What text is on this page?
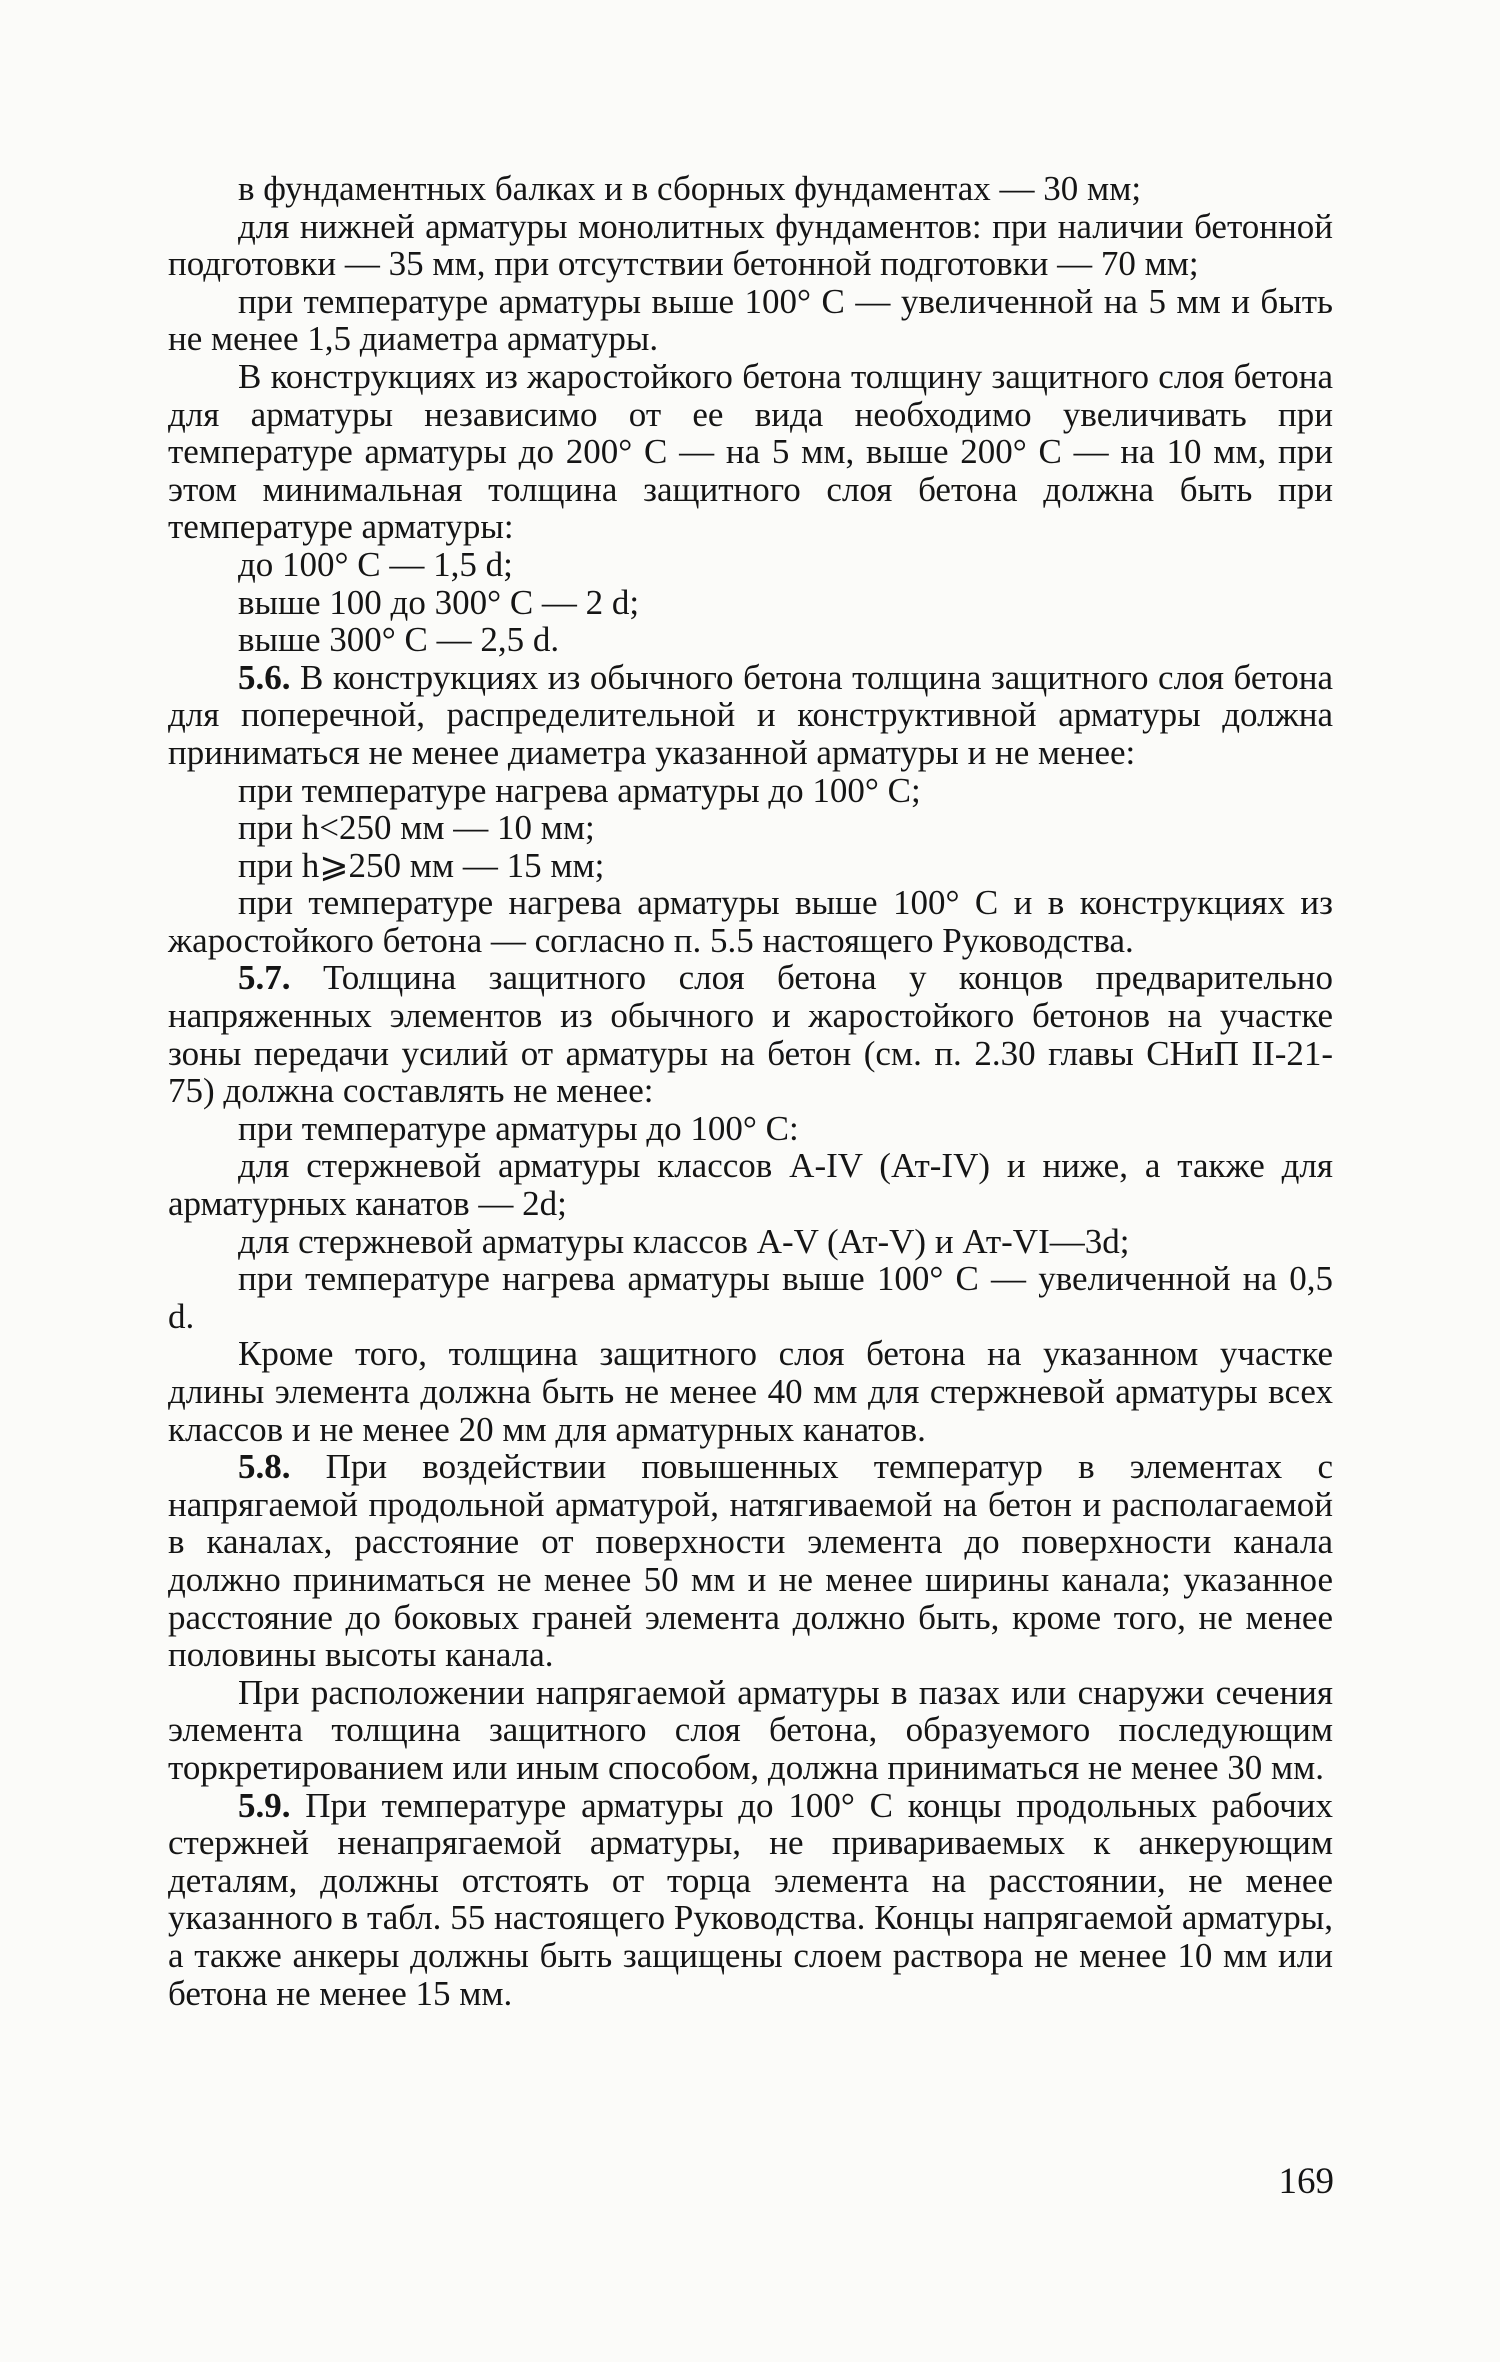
в фундаментных балках и в сборных фундаментах — 30 мм;

для нижней арматуры монолитных фундаментов: при наличии бетонной подготовки — 35 мм, при отсутствии бетонной подготовки — 70 мм;

при температуре арматуры выше 100° С — увеличенной на 5 мм и быть не менее 1,5 диаметра арматуры.

В конструкциях из жаростойкого бетона толщину защитного слоя бетона для арматуры независимо от ее вида необходимо увеличивать при температуре арматуры до 200° С — на 5 мм, выше 200° С — на 10 мм, при этом минимальная толщина защитного слоя бетона должна быть при температуре арматуры:

до 100° С — 1,5 d;

выше 100 до 300° С — 2 d;

выше 300° С — 2,5 d.

5.6. В конструкциях из обычного бетона толщина защитного слоя бетона для поперечной, распределительной и конструктивной арматуры должна приниматься не менее диаметра указанной арматуры и не менее:

при температуре нагрева арматуры до 100° С;

при h<250 мм — 10 мм;

при h⩾250 мм — 15 мм;

при температуре нагрева арматуры выше 100° С и в конструкциях из жаростойкого бетона — согласно п. 5.5 настоящего Руководства.

5.7. Толщина защитного слоя бетона у концов предварительно напряженных элементов из обычного и жаростойкого бетонов на участке зоны передачи усилий от арматуры на бетон (см. п. 2.30 главы СНиП II-21-75) должна составлять не менее:

при температуре арматуры до 100° С:

для стержневой арматуры классов A-IV (Ат-IV) и ниже, а также для арматурных канатов — 2d;

для стержневой арматуры классов A-V (Ат-V) и Ат-VI—3d;

при температуре нагрева арматуры выше 100° С — увеличенной на 0,5 d.

Кроме того, толщина защитного слоя бетона на указанном участке длины элемента должна быть не менее 40 мм для стержневой арматуры всех классов и не менее 20 мм для арматурных канатов.

5.8. При воздействии повышенных температур в элементах с напрягаемой продольной арматурой, натягиваемой на бетон и располагаемой в каналах, расстояние от поверхности элемента до поверхности канала должно приниматься не менее 50 мм и не менее ширины канала; указанное расстояние до боковых граней элемента должно быть, кроме того, не менее половины высоты канала.

При расположении напрягаемой арматуры в пазах или снаружи сечения элемента толщина защитного слоя бетона, образуемого последующим торкретированием или иным способом, должна приниматься не менее 30 мм.

5.9. При температуре арматуры до 100° С концы продольных рабочих стержней ненапрягаемой арматуры, не привариваемых к анкерующим деталям, должны отстоять от торца элемента на расстоянии, не менее указанного в табл. 55 настоящего Руководства. Концы напрягаемой арматуры, а также анкеры должны быть защищены слоем раствора не менее 10 мм или бетона не менее 15 мм.

169
